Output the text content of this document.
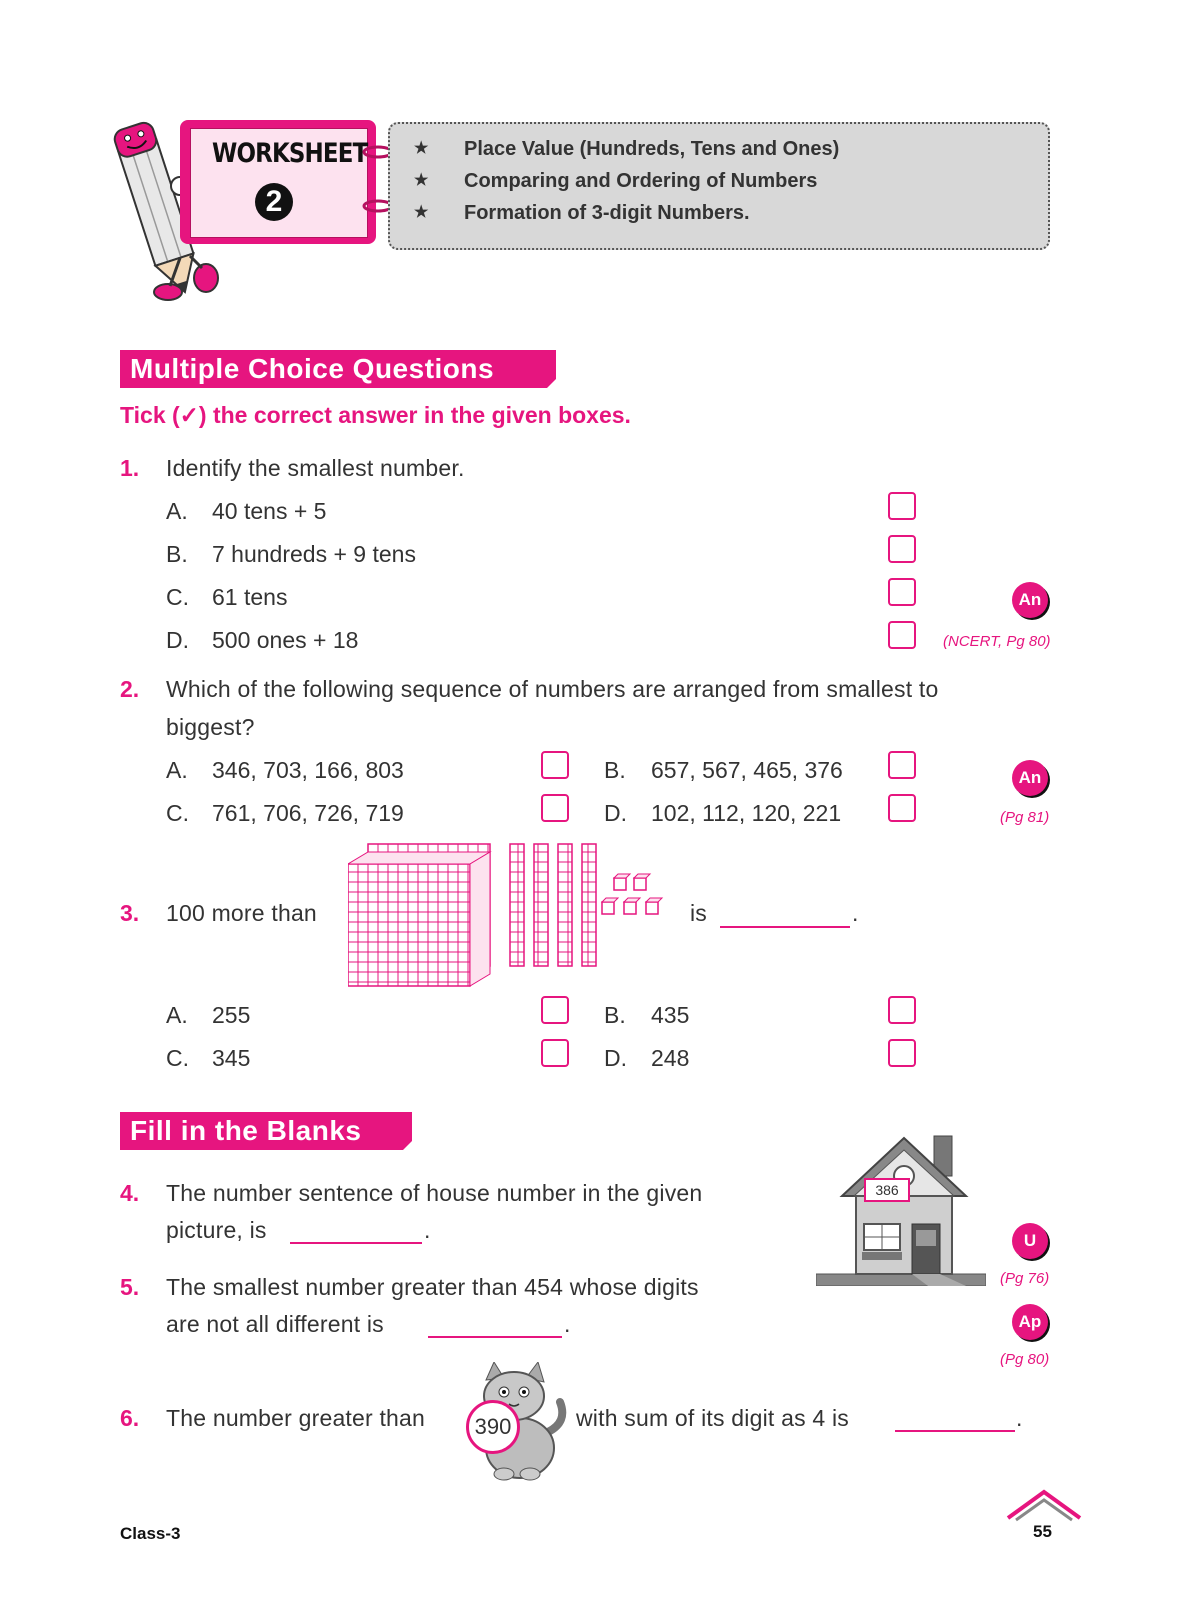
WORKSHEET
2
★ Place Value (Hundreds, Tens and Ones)
★ Comparing and Ordering of Numbers
★ Formation of 3-digit Numbers.
Multiple Choice Questions
Tick (✓) the correct answer in the given boxes.
1. Identify the smallest number.
A. 40 tens + 5
B. 7 hundreds + 9 tens
C. 61 tens
D. 500 ones + 18
An
(NCERT, Pg 80)
2. Which of the following sequence of numbers are arranged from smallest to
biggest?
A. 346, 703, 166, 803	B. 657, 567, 465, 376
C. 761, 706, 726, 719	D. 102, 112, 120, 221
An
(Pg 81)
3. 100 more than	is	.
A. 255	B. 435
C. 345	D. 248
Fill in the Blanks
4. The number sentence of house number in the given
picture, is	.
386
U
(Pg 76)
5. The smallest number greater than 454 whose digits
are not all different is	.	Ap
(Pg 80)
6. The number greater than	390	with sum of its digit as 4 is	.
Class-3	55
